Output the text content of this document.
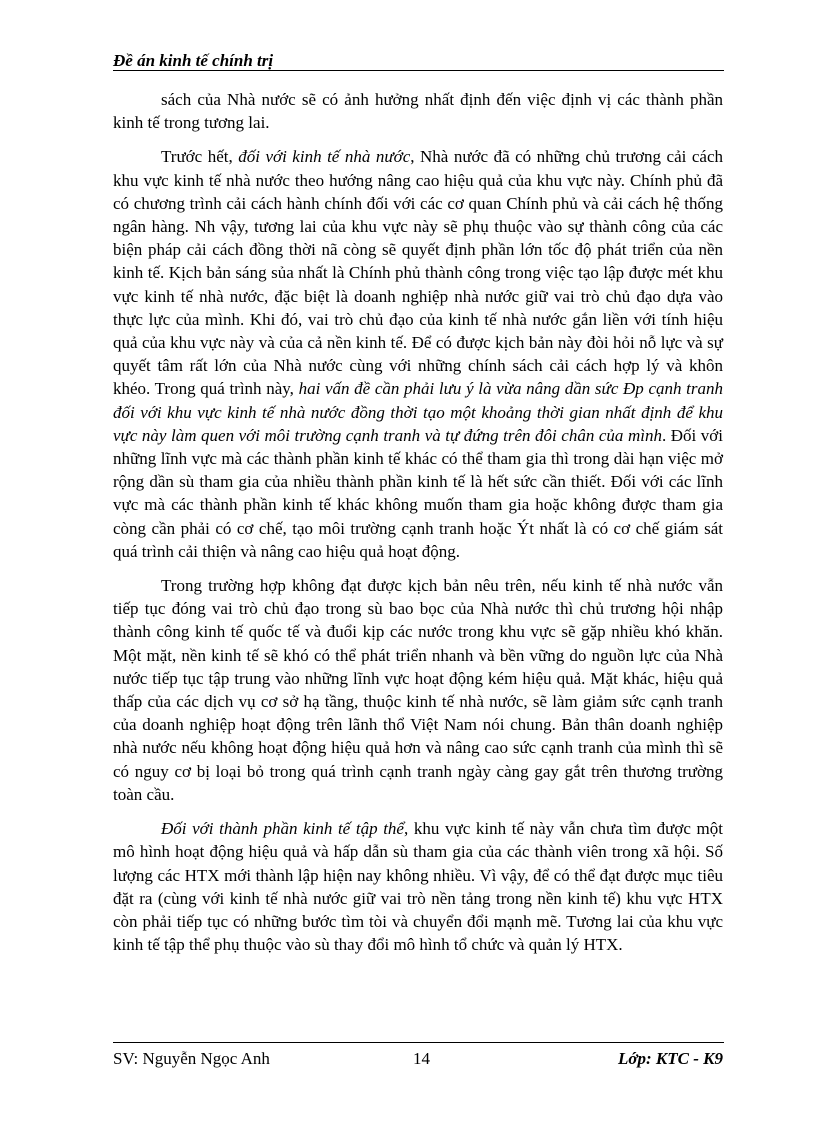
Đề án kinh tế chính trị

sách của Nhà nước sẽ có ảnh hưởng nhất định đến việc định vị các thành phần kinh tế trong tương lai.

Trước hết, đối với kinh tế nhà nước, Nhà nước đã có những chủ trương cải cách khu vực kinh tế nhà nước theo hướng nâng cao hiệu quả của khu vực này. Chính phủ đã có chương trình cải cách hành chính đối với các cơ quan Chính phủ và cải cách hệ thống ngân hàng. Nh vậy, tương lai của khu vực này sẽ phụ thuộc vào sự thành công của các biện pháp cải cách đồng thời nã còng sẽ quyết định phần lớn tốc độ phát triển của nền kinh tế. Kịch bản sáng sủa nhất là Chính phủ thành công trong việc tạo lập được mét khu vực kinh tế nhà nước, đặc biệt là doanh nghiệp nhà nước giữ vai trò chủ đạo dựa vào thực lực của mình. Khi đó, vai trò chủ đạo của kinh tế nhà nước gắn liền với tính hiệu quả của khu vực này và của cả nền kinh tế. Để có được kịch bản này đòi hỏi nỗ lực và sự quyết tâm rất lớn của Nhà nước cùng với những chính sách cải cách hợp lý và khôn khéo. Trong quá trình này, hai vấn đề cần phải lưu ý là vừa nâng dần sức Ðp cạnh tranh đối với khu vực kinh tế nhà nước đồng thời tạo một khoảng thời gian nhất định để khu vực này làm quen với môi trường cạnh tranh và tự đứng trên đôi chân của mình. Đối với những lĩnh vực mà các thành phần kinh tế khác có thể tham gia thì trong dài hạn việc mở rộng dần sù tham gia của nhiều thành phần kinh tế là hết sức cần thiết. Đối với các lĩnh vực mà các thành phần kinh tế khác không muốn tham gia hoặc không được tham gia còng cần phải có cơ chế, tạo môi trường cạnh tranh hoặc Ýt nhất là có cơ chế giám sát quá trình cải thiện và nâng cao hiệu quả hoạt động.

Trong trường hợp không đạt được kịch bản nêu trên, nếu kinh tế nhà nước vẫn tiếp tục đóng vai trò chủ đạo trong sù bao bọc của Nhà nước thì chủ trương hội nhập thành công kinh tế quốc tế và đuổi kịp các nước trong khu vực sẽ gặp nhiều khó khăn. Một mặt, nền kinh tế sẽ khó có thể phát triển nhanh và bền vững do nguồn lực của Nhà nước tiếp tục tập trung vào những lĩnh vực hoạt động kém hiệu quả. Mặt khác, hiệu quả thấp của các dịch vụ cơ sở hạ tầng, thuộc kinh tế nhà nước, sẽ làm giảm sức cạnh tranh của doanh nghiệp hoạt động trên lãnh thổ Việt Nam nói chung. Bản thân doanh nghiệp nhà nước nếu không hoạt động hiệu quả hơn và nâng cao sức cạnh tranh của mình thì sẽ có nguy cơ bị loại bỏ trong quá trình cạnh tranh ngày càng gay gắt trên thương trường toàn cầu.

Đối với thành phần kinh tế tập thể, khu vực kinh tế này vẫn chưa tìm được một mô hình hoạt động hiệu quả và hấp dẫn sù tham gia của các thành viên trong xã hội. Số lượng các HTX mới thành lập hiện nay không nhiều. Vì vậy, để có thể đạt được mục tiêu đặt ra (cùng với kinh tế nhà nước giữ vai trò nền tảng trong nền kinh tế) khu vực HTX còn phải tiếp tục có những bước tìm tòi và chuyển đổi mạnh mẽ. Tương lai của khu vực kinh tế tập thể phụ thuộc vào sù thay đổi mô hình tổ chức và quản lý HTX.

SV: Nguyễn Ngọc Anh	14	Lớp: KTC - K9
